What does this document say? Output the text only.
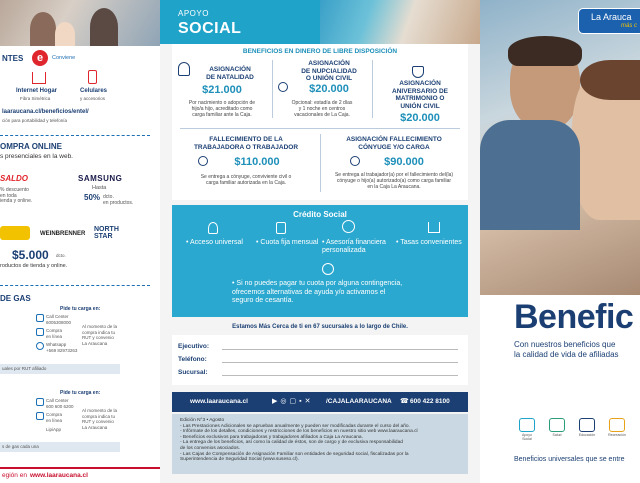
NTES	e	Conviene
Internet Hogar
Fibra Simétrica
Celulares
y accesorios
laaraucana.cl/beneficios/entel/
ción para portabilidad y telefonía
OMPRA ONLINE
s presenciales en la web.
SALDO
% descuento
en toda
ienda y online.
SAMSUNG
Hasta
50% dcto.
en productos.
WEINBRENNER
NORTH
STAR
$5.000 dcto.
roductos de tienda y online.
DE GAS
Pide tu carga en:
Call Center
6005308000
Compra
en línea
Whatsapp
+569 82973263
Al momento de la
compra indica tu
RUT y convenio
La Araucana
uales por RUT afiliado
Pide tu carga en:
Call Center
600 600 6200
Compra
en línea
LipiApp
Al momento de la
compra indica tu
RUT y convenio
La Araucana
s de gas cada una
egión en www.laaraucana.cl
APOYO
SOCIAL
BENEFICIOS EN DINERO DE LIBRE DISPOSICIÓN
ASIGNACIÓN
DE NATALIDAD
$21.000
Por nacimiento o adopción de
hijo/a hijo, acreditado como
carga familiar ante la Caja.
ASIGNACIÓN
DE NUPCIALIDAD
O UNIÓN CIVIL
$20.000
Opcional: estadía de 2 días
y 1 noche en centros
vacacionales de La Caja.
ASIGNACIÓN
ANIVERSARIO DE
MATRIMONIO O
UNIÓN CIVIL
$20.000
FALLECIMIENTO DE LA
TRABAJADORA O TRABAJADOR
$110.000
Se entrega a cónyuge, conviviente civil o
carga familiar autorizada en la Caja.
ASIGNACIÓN FALLECIMIENTO
CÓNYUGE Y/O CARGA
$90.000
Se entrega al trabajador(a) por el fallecimiento del(la)
cónyuge o hijo(a) autorizado(a) como carga familiar
en la Caja La Araucana.
Crédito Social
• Acceso universal • Cuota fija mensual • Asesoría financiera
personalizada
• Tasas convenientes
• Si no puedes pagar tu cuota por alguna contingencia,
ofrecemos alternativas de ayuda y/o activamos el
seguro de cesantía.
Estamos Más Cerca de ti en 67 sucursales a lo largo de Chile.
Ejecutivo:
Teléfono:
Sucursal:
www.laaraucana.cl	▶◎▢▪✕ /CAJALAARAUCANA ☎ 600 422 8100
Edición N°3 • Agosto
- Las Prestaciones Adicionales se aprueban anualmente y pueden ser modificadas durante el curso del año.
- Infórmate de los detalles, condiciones y restricciones de los beneficios en nuestro sitio web www.laaraucana.cl
- Beneficios exclusivos para trabajadoras y trabajadores afiliados a Caja La Araucana.
- La entrega de los beneficios, así como la calidad de éstos, son de cargo y de exclusiva responsabilidad
de los convenios asociados.
- Las Cajas de Compensación de Asignación Familiar son entidades de seguridad social, fiscalizadas por la
Superintendencia de Seguridad Social (www.suseso.cl).
La Arauca
más c
Benefic
Con nuestros beneficios que
la calidad de vida de afiliadas
Apoyo
Social
Salud	Educación	Recreación
Beneficios universales que se entre
